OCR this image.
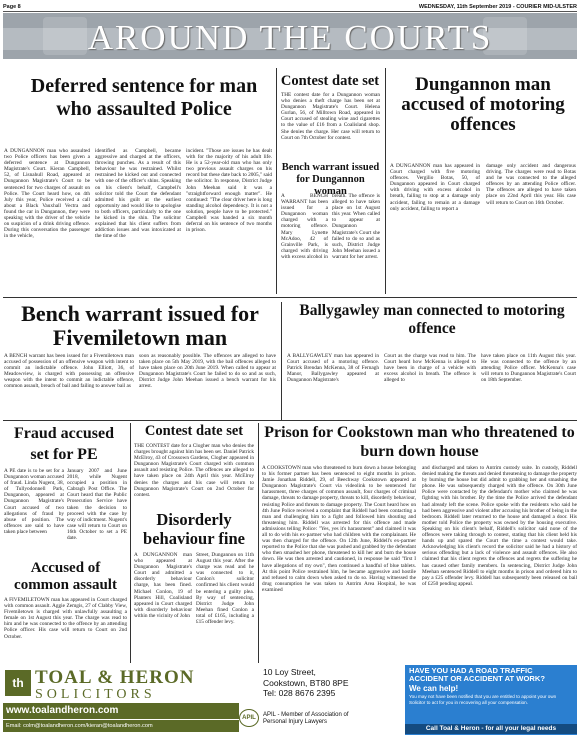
Page 8	WEDNESDAY, 11th September 2019 - COURIER MID-ULSTER
AROUND THE COURTS
Deferred sentence for man who assaulted Police
A DUNGANNON man who assaulted two Police officers has been given a deferred sentence at Dungannon Magistrate's Court. Kieran Campbell, 52, of Lisnahull Road, appeared at Dungannon Magistrate's Court to be sentenced for two charges of assault on Police. The Court heard how, on 4th July this year, Police received a call about a Black Vauxhall Vectra and found the car in Dungannon, they were speaking with the driver of the vehicle on suspicion of a drink driving offence. During this conversation the passenger in the vehicle,
identified as Campbell, became aggressive and charged at the officers, throwing punches. As a result of this behaviour he was restrained. Whilst restrained he kicked out and connected with one of the officer's shins. Speaking on his client's behalf, Campbell's solicitor told the Court the defendant admitted his guilt at the earliest opportunity and would like to apologise to both officers, particularly to the one he kicked in the shin. The solicitor explained that his client suffers from addiction issues and was intoxicated at the time of the
incident. "Those are issues he has dealt with for the majority of his adult life. He is a 52-year-old man who has only two previous assault charges on his record but these date back to 2005," said the solicitor. In response, District Judge John Meehan said it was a "straightforward enough matter". He continued: "The clear driver here is long standing alcohol dependency. It is not a solution, people have to be protected." Campbell was handed a six month deferral on his sentence of two months in prison.
Contest date set
THE contest date for a Dungannon woman who denies a theft charge has been set at Dungannon Magistrate's Court. Helena Gurlan, 56, of Milltown Road, appeared in Court accused of stealing wine and cigarettes to the value of £16 from a Coalisland shop. She denies the charge. Her case will return to Court on 7th October for contest.
Bench warrant issued for Dungannon woman
A BENCH WARRANT has been issued for a Dungannon woman charged with a motoring offence. Mary Lynette McAdoo, 42 of Grainville Park, is charged with driving with excess alcohol in
breath. The offence is alleged to have taken place on 1st August this year. When called to appear at Dungannon Magistrate's Court she failed to do so and as such, District Judge John Meehan issued a warrant for her arrest.
Dungannon man accused of motoring offences
A DUNGANNON man has appeared in Court charged with five motoring offences. Vergilio Botas, 50, of Dungannon appeared in Court charged with driving with excess alcohol in breath, failing to stop at a damage only accident, failing to remain at a damage only accident, failing to report a
damage only accident and dangerous driving. The charges were read to Botas and he was connected to the alleged offences by an attending Police officer. The offences are alleged to have taken place on 22nd April this year. His case will return to Court on 16th October.
Bench warrant issued for Fivemiletown man
A BENCH warrant has been issued for a Fivemiletown man accused of possession of an offensive weapon with intent to commit an indictable offence. John Elliott, 36, of Meadowview, is charged with possessing an offensive weapon with the intent to commit an indictable offence, common assault, breach of bail and failing to answer bail as
soon as reasonably possible. The offences are alleged to have taken place on 5th May 2019, with the bail offences alleged to have taken place on 20th June 2019. When called to appear at Dungannon Magistrate's Court he failed to do so and as such, District Judge John Meehan issued a bench warrant for his arrest.
Ballygawley man connected to motoring offence
A BALLYGAWLEY man has appeared in Court accused of a motoring offence. Patrick Brendan McKenna, 38 of Fernagh Manor, Ballygawley appeared at Dungannon Magistrate's
Court as the charge was read to him. The Court heard how McKenna is alleged to have been in charge of a vehicle with excess alcohol in breath. The offence is alleged to
have taken place on 11th August this year. He was connected to the offence by an attending Police officer. McKenna's case will return to Dungannon Magistrate's Court on 18th September.
Fraud accused set for PE
A PE date is to be set for a Dungannon woman accused of fraud. Linda Nugent, 38, of Tullyodonnell Park, Dungannon, appeared at Dungannon Magistrate's Court accused of two allegations of fraud by abuse of position. The offences are said to have taken place between
January 2007 and June 2018, while Nugent occupied a position in Cabragh Post Office. The Court heard that the Public Prosecution Service have taken the decision to proceed with the case by way of indictment. Nugent's case will return to Court on 16th October to set a PE date.
Accused of common assault
A FIVEMILETOWN man has appeared in Court charged with common assault. Aggie Zemgis, 27 of Clabby View, Fivemiletown is charged with unlawfully assaulting a female on 1st August this year. The charge was read to him and he was connected to the offence by an attending Police officer. His case will return to Court on 2nd October.
Contest date set
THE CONTEST date for a Clogher man who denies the charges brought against him has been set. Daniel Patrick McElroy, 43 of Crossown Gardens, Clogher appeared in Dungannon Magistrate's Court charged with common assault and resisting Police. The offences are alleged to have taken place on 24th April this year. McElroy denies the charges and his case will return to Dungannon Magistrate's Court on 2nd October for contest.
Disorderly behaviour fine
A DUNGANNON man who appeared at Dungannon Magistrate's Court and admitted a disorderly behaviour charge, has been fined. Michael Conlon, 19 of Planters Hill, Coalisland appeared in Court charged with disorderly behaviour within the vicinity of John
Street, Dungannon on 11th August this year. After the charge was read and he was connected to it, Conlon's solicitor confirmed his client would be entering a guilty plea. By way of sentencing, District Judge John Meehan fined Conlon a total of £165, including a £15 offender levy.
Prison for Cookstown man who threatened to burn down house
A COOKSTOWN man who threatened to burn down a house belonging to his former partner has been sentenced to eight months in prison. Jamie Jonathan Riddell, 29, of Beechway Cookstown appeared at Dungannon Magistrate's Court via videolink to be sentenced for harassment, three charges of common assault, four charges of criminal damage, threats to damage property, threats to kill, disorderly behaviour, resisting Police and threats to damage property. The Court heard how on 4th June Police received a complaint that Riddell had been contacting a man and challenging him to a fight and followed him shouting and threatening him. Riddell was arrested for this offence and made admissions telling Police: "Yes, yes it's harassment" and claimed it was all to do with his ex-partner who had children with the complainant. He was then charged for the offence. On 12th June, Riddell's ex-partner reported to the Police that she was pushed and grabbed by the defendant who then smashed her phone, threatened to kill her and burn the house down. He was then arrested and cautioned, in response he said "first I have allegations of my own", then continued a handful of blue tablets. At this point Police restrained him, he became aggressive and hostile and refused to calm down when asked to do so. Having witnessed the drug consumption he was taken to Antrim Area Hospital, he was examined
and discharged and taken to Antrim custody suite. In custody, Riddell denied making the threats and denied threatening to damage the property by burning the house but did admit to grabbing her and smashing the phone. He was subsequently charged with the offence. On 30th June Police were contacted by the defendant's mother who claimed he was fighting with his brother. By the time the Police arrived the defendant had already left the scene. Police spoke with the residents who said he had been aggressive and violent after accusing his brother of being in the bedroom. Riddell later returned to the house and damaged a door. His mother told Police the property was owned by the housing executive. Speaking on his client's behalf, Riddell's solicitor said none of the offences were taking through to contest, stating that his client held his hands up and spared the Court the time a contest would take. Acknowledging his client's record the solicitor said he had a history of serious offending but a lack of violence and assault offences. He also claimed that his client regrets the offences and regrets the suffering he has caused other family members. In sentencing, District Judge John Meehan sentenced Riddell to eight months in prison and ordered him to pay a £25 offender levy. Riddell has subsequently been released on bail of £250 pending appeal.
th TOAL & HERON
SOLICITORS
www.toalandheron.com
Email: colm@toalandheron.com/kieran@toalandheron.com
10 Loy Street,
Cookstown, BT80 8PE
Tel: 028 8676 2395
APIL	APIL - Member of Association of
Personal Injury Lawyers
HAVE YOU HAD A ROAD TRAFFIC ACCIDENT OR ACCIDENT AT WORK?
We can help!
You may not have been notified that you are entitled to appoint your own Solicitor to act for you in recovering all your compensation.
Call Toal & Heron - for all your legal needs
